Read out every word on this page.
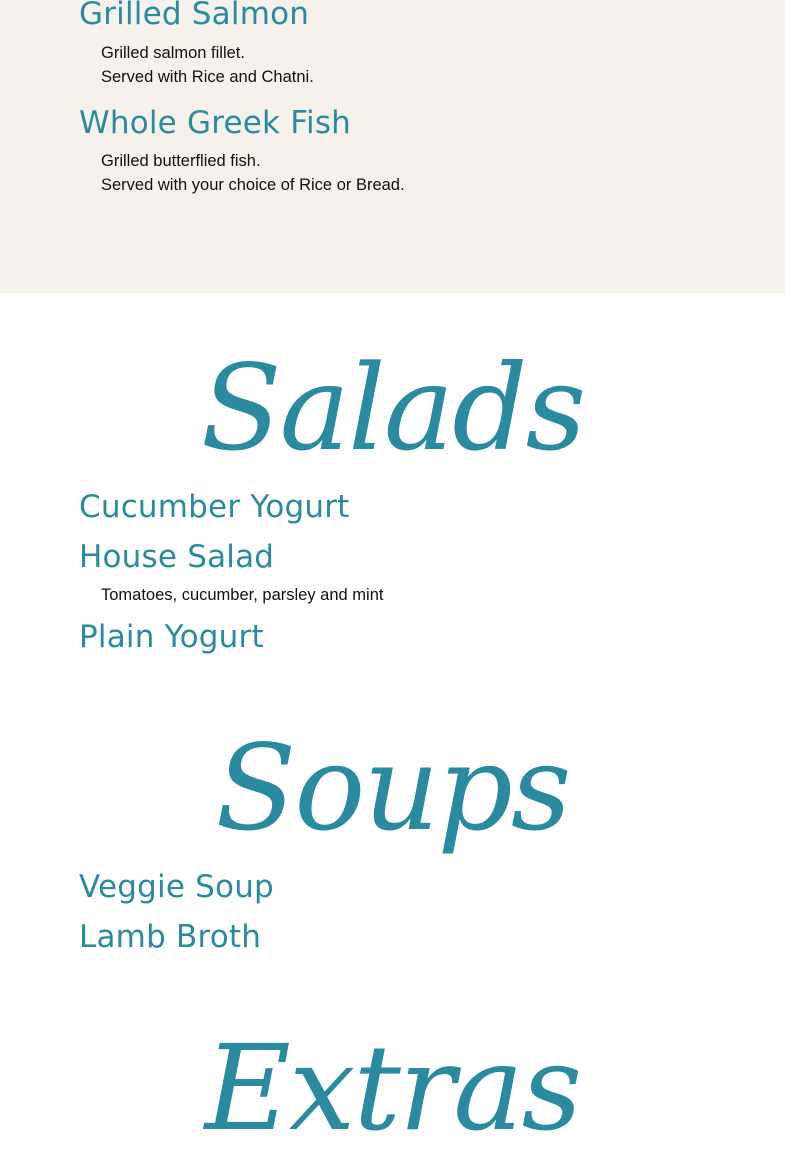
Grilled Salmon
Grilled salmon fillet.
Served with Rice and Chatni.
Whole Greek Fish
Grilled butterflied fish.
Served with your choice of Rice or Bread.
Salads
Cucumber Yogurt
House Salad
Tomatoes, cucumber, parsley and mint
Plain Yogurt
Soups
Veggie Soup
Lamb Broth
Extras
